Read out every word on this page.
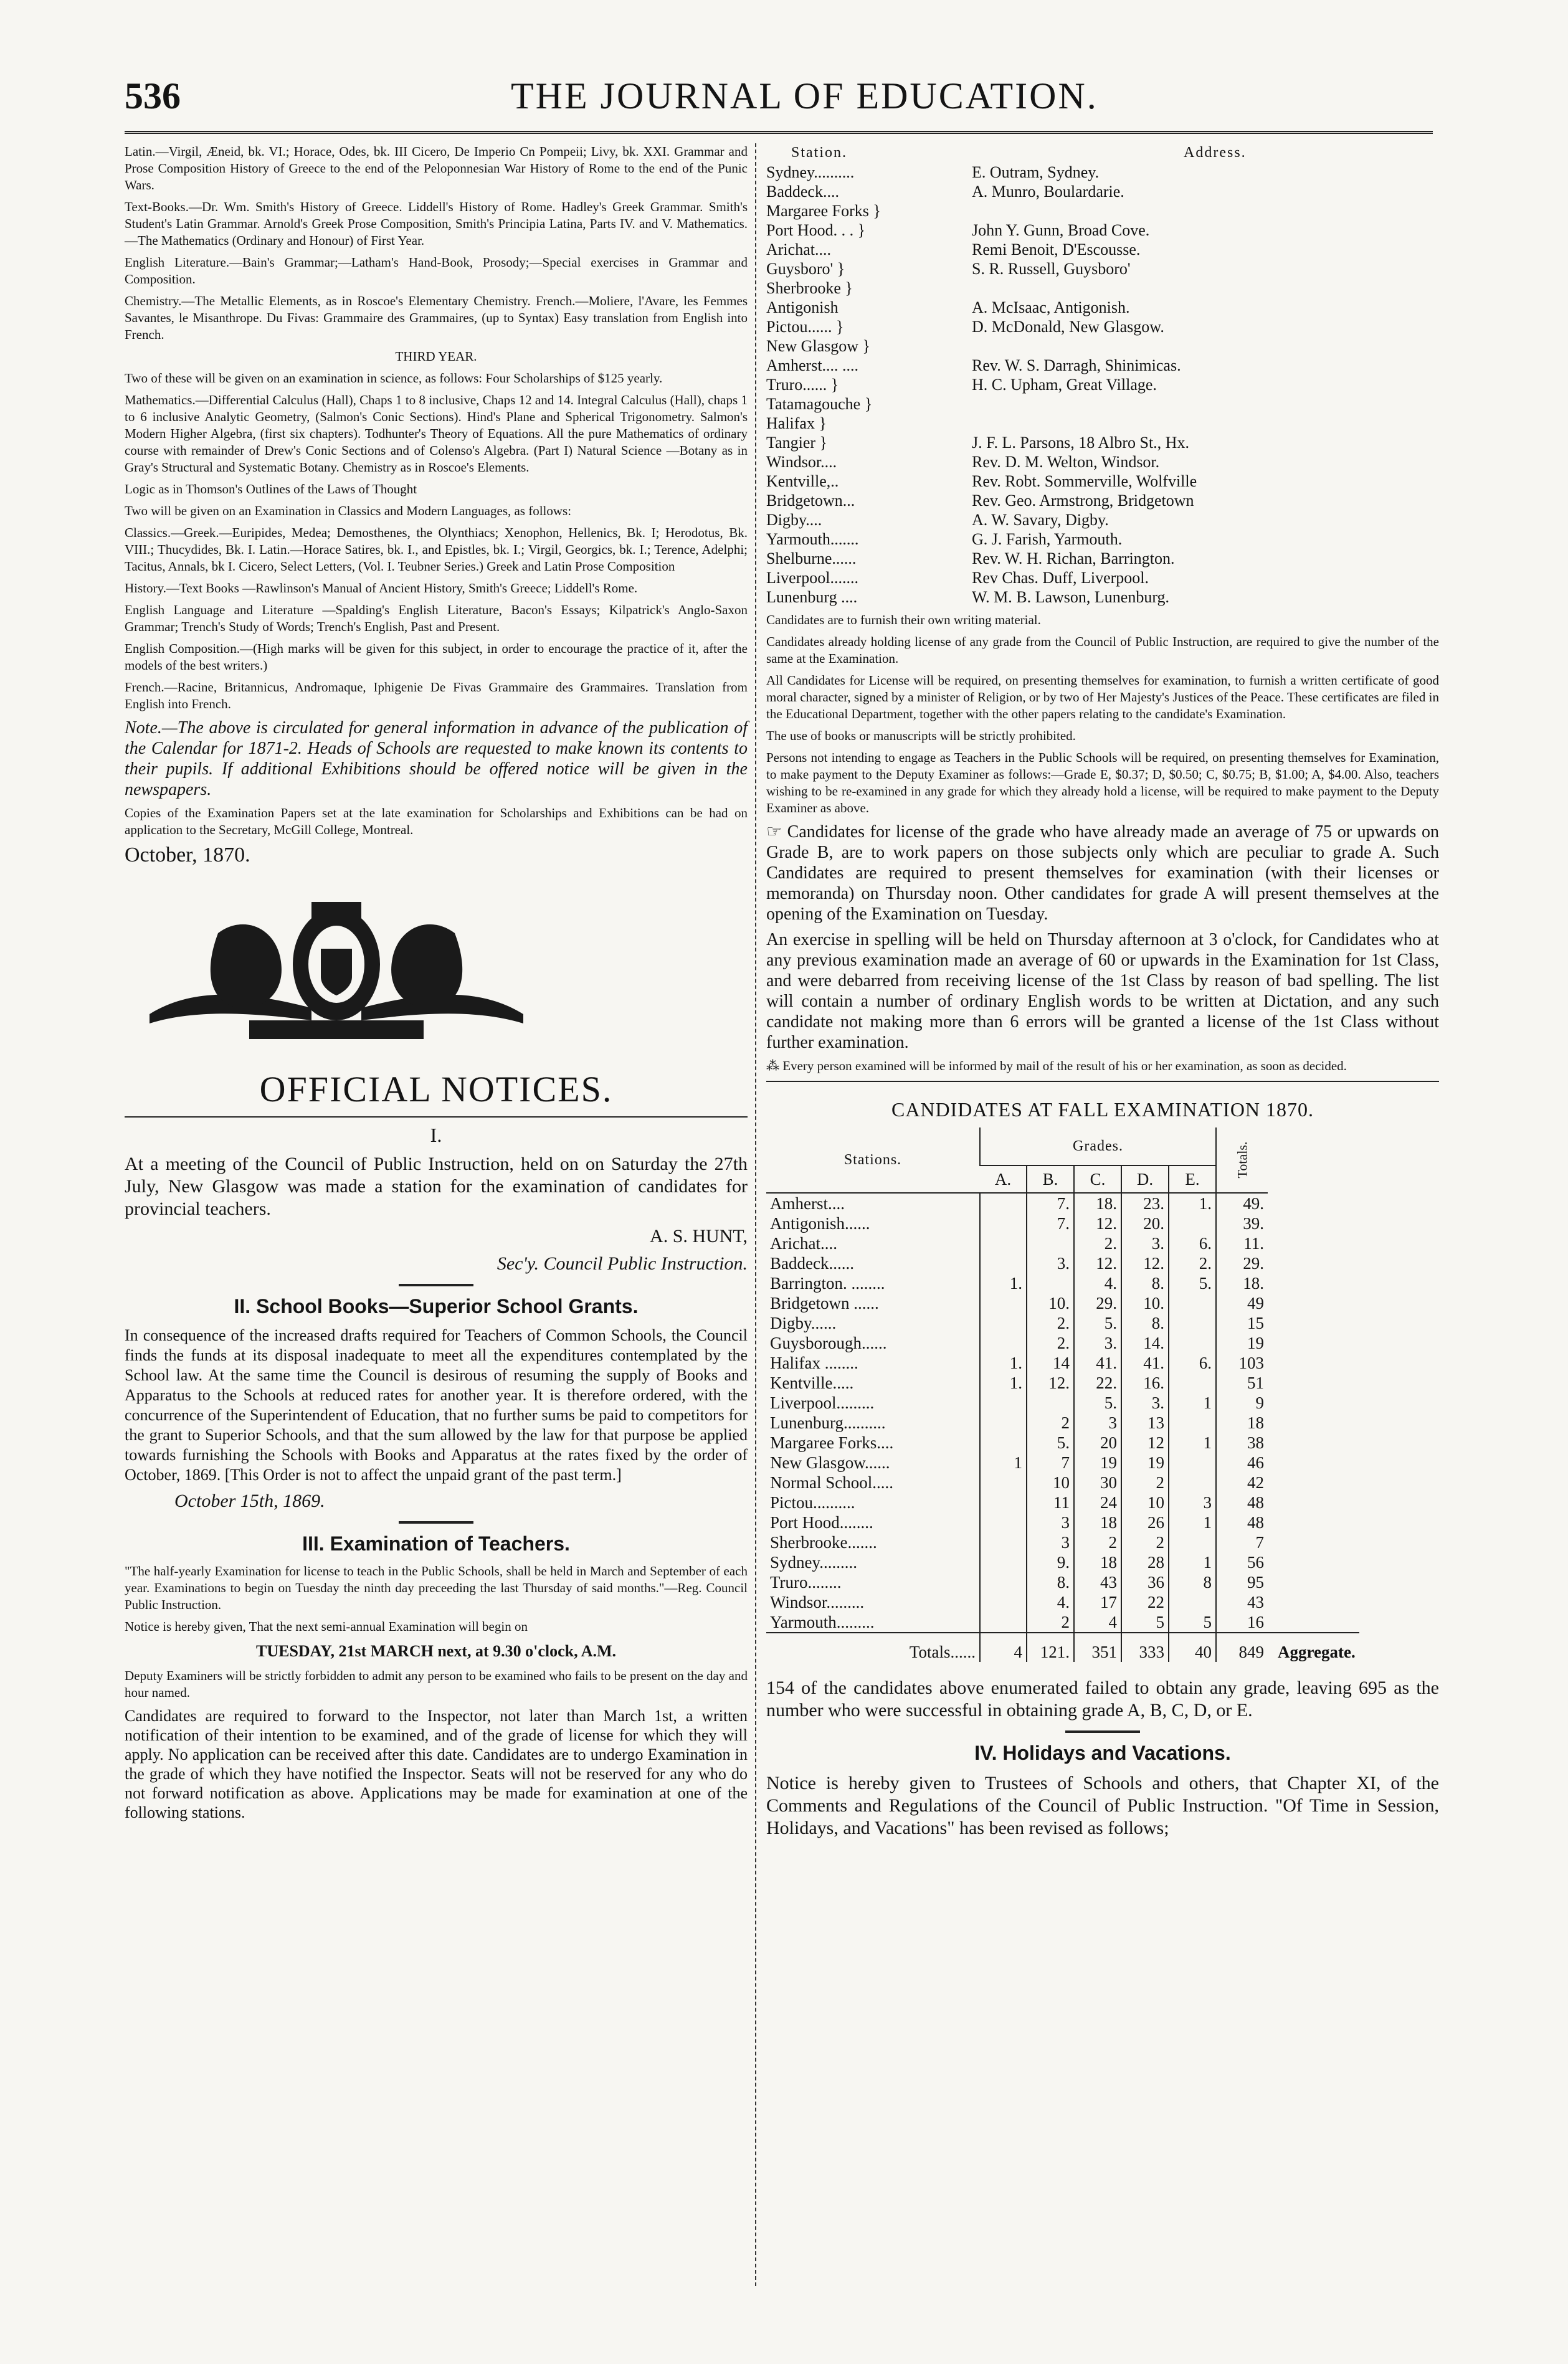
536	THE JOURNAL OF EDUCATION.

Latin.—Virgil, Æneid, bk. VI.; Horace, Odes, bk. III Cicero, De Imperio Cn Pompeii; Livy, bk. XXI. Grammar and Prose Composition History of Greece to the end of the Peloponnesian War History of Rome to the end of the Punic Wars.

Text-Books.—Dr. Wm. Smith's History of Greece. Liddell's History of Rome. Hadley's Greek Grammar. Smith's Student's Latin Grammar. Arnold's Greek Prose Composition, Smith's Principia Latina, Parts IV. and V. Mathematics.—The Mathematics (Ordinary and Honour) of First Year.

English Literature.—Bain's Grammar;—Latham's Hand-Book, Prosody;—Special exercises in Grammar and Composition.

Chemistry.—The Metallic Elements, as in Roscoe's Elementary Chemistry. French.—Moliere, l'Avare, les Femmes Savantes, le Misanthrope. Du Fivas: Grammaire des Grammaires, (up to Syntax) Easy translation from English into French.

THIRD YEAR.

Two of these will be given on an examination in science, as follows: Four Scholarships of $125 yearly.

Mathematics.—Differential Calculus (Hall), Chaps 1 to 8 inclusive, Chaps 12 and 14. Integral Calculus (Hall), chaps 1 to 6 inclusive Analytic Geometry, (Salmon's Conic Sections). Hind's Plane and Spherical Trigonometry. Salmon's Modern Higher Algebra, (first six chapters). Todhunter's Theory of Equations. All the pure Mathematics of ordinary course with remainder of Drew's Conic Sections and of Colenso's Algebra. (Part I) Natural Science —Botany as in Gray's Structural and Systematic Botany. Chemistry as in Roscoe's Elements.

Logic as in Thomson's Outlines of the Laws of Thought

Two will be given on an Examination in Classics and Modern Languages, as follows:

Classics.—Greek.—Euripides, Medea; Demosthenes, the Olynthiacs; Xenophon, Hellenics, Bk. I; Herodotus, Bk. VIII.; Thucydides, Bk. I. Latin.—Horace Satires, bk. I., and Epistles, bk. I.; Virgil, Georgics, bk. I.; Terence, Adelphi; Tacitus, Annals, bk I. Cicero, Select Letters, (Vol. I. Teubner Series.) Greek and Latin Prose Composition

History.—Text Books —Rawlinson's Manual of Ancient History, Smith's Greece; Liddell's Rome.

English Language and Literature —Spalding's English Literature, Bacon's Essays; Kilpatrick's Anglo-Saxon Grammar; Trench's Study of Words; Trench's English, Past and Present.

English Composition.—(High marks will be given for this subject, in order to encourage the practice of it, after the models of the best writers.)

French.—Racine, Britannicus, Andromaque, Iphigenie De Fivas Grammaire des Grammaires. Translation from English into French.

Note.—The above is circulated for general information in advance of the publication of the Calendar for 1871-2. Heads of Schools are requested to make known its contents to their pupils. If additional Exhibitions should be offered notice will be given in the newspapers.

Copies of the Examination Papers set at the late examination for Scholarships and Exhibitions can be had on application to the Secretary, McGill College, Montreal.

October, 1870.

OFFICIAL NOTICES.
I.

At a meeting of the Council of Public Instruction, held on on Saturday the 27th July, New Glasgow was made a station for the examination of candidates for provincial teachers.

A. S. HUNT,

Sec'y. Council Public Instruction.

II. School Books—Superior School Grants.

In consequence of the increased drafts required for Teachers of Common Schools, the Council finds the funds at its disposal inadequate to meet all the expenditures contemplated by the School law. At the same time the Council is desirous of resuming the supply of Books and Apparatus to the Schools at reduced rates for another year. It is therefore ordered, with the concurrence of the Superintendent of Education, that no further sums be paid to competitors for the grant to Superior Schools, and that the sum allowed by the law for that purpose be applied towards furnishing the Schools with Books and Apparatus at the rates fixed by the order of October, 1869. [This Order is not to affect the unpaid grant of the past term.]

October 15th, 1869.

III. Examination of Teachers.

"The half-yearly Examination for license to teach in the Public Schools, shall be held in March and September of each year. Examinations to begin on Tuesday the ninth day preceeding the last Thursday of said months."—Reg. Council Public Instruction.

Notice is hereby given, That the next semi-annual Examination will begin on

TUESDAY, 21st MARCH next, at 9.30 o'clock, A.M.

Deputy Examiners will be strictly forbidden to admit any person to be examined who fails to be present on the day and hour named.

Candidates are required to forward to the Inspector, not later than March 1st, a written notification of their intention to be examined, and of the grade of license for which they will apply. No application can be received after this date. Candidates are to undergo Examination in the grade of which they have notified the Inspector. Seats will not be reserved for any who do not forward notification as above. Applications may be made for examination at one of the following stations.

Station.	Address.
Sydney..........	E. Outram, Sydney.
Baddeck....	A. Munro, Boulardarie.
Margaree Forks }
Port Hood. . . }	John Y. Gunn, Broad Cove.
Arichat....	Remi Benoit, D'Escousse.
Guysboro' }	S. R. Russell, Guysboro'
Sherbrooke }
Antigonish	A. McIsaac, Antigonish.
Pictou...... }	D. McDonald, New Glasgow.
New Glasgow }
Amherst.... ....	Rev. W. S. Darragh, Shinimicas.
Truro...... }	H. C. Upham, Great Village.
Tatamagouche }
Halifax }
Tangier }	J. F. L. Parsons, 18 Albro St., Hx.
Windsor....	Rev. D. M. Welton, Windsor.
Kentville,..	Rev. Robt. Sommerville, Wolfville
Bridgetown...	Rev. Geo. Armstrong, Bridgetown
Digby....	A. W. Savary, Digby.
Yarmouth.......	G. J. Farish, Yarmouth.
Shelburne......	Rev. W. H. Richan, Barrington.
Liverpool.......	Rev Chas. Duff, Liverpool.
Lunenburg ....	W. M. B. Lawson, Lunenburg.

Candidates are to furnish their own writing material.

Candidates already holding license of any grade from the Council of Public Instruction, are required to give the number of the same at the Examination.

All Candidates for License will be required, on presenting themselves for examination, to furnish a written certificate of good moral character, signed by a minister of Religion, or by two of Her Majesty's Justices of the Peace. These certificates are filed in the Educational Department, together with the other papers relating to the candidate's Examination.

The use of books or manuscripts will be strictly prohibited.

Persons not intending to engage as Teachers in the Public Schools will be required, on presenting themselves for Examination, to make payment to the Deputy Examiner as follows:—Grade E, $0.37; D, $0.50; C, $0.75; B, $1.00; A, $4.00. Also, teachers wishing to be re-examined in any grade for which they already hold a license, will be required to make payment to the Deputy Examiner as above.

☞ Candidates for license of the grade who have already made an average of 75 or upwards on Grade B, are to work papers on those subjects only which are peculiar to grade A. Such Candidates are required to present themselves for examination (with their licenses or memoranda) on Thursday noon. Other candidates for grade A will present themselves at the opening of the Examination on Tuesday.

An exercise in spelling will be held on Thursday afternoon at 3 o'clock, for Candidates who at any previous examination made an average of 60 or upwards in the Examination for 1st Class, and were debarred from receiving license of the 1st Class by reason of bad spelling. The list will contain a number of ordinary English words to be written at Dictation, and any such candidate not making more than 6 errors will be granted a license of the 1st Class without further examination.

⁂ Every person examined will be informed by mail of the result of his or her examination, as soon as decided.

CANDIDATES AT FALL EXAMINATION 1870.
Stations.	Grades.					Totals.	
	A.	B.	C.	D.	E.		
Amherst....		7.	18.	23.	1.	49.	
Antigonish......		7.	12.	20.		39.	
Arichat....			2.	3.	6.	11.	
Baddeck......		3.	12.	12.	2.	29.	
Barrington. ........	1.		4.	8.	5.	18.	
Bridgetown ......		10.	29.	10.		49	
Digby......		2.	5.	8.		15	
Guysborough......		2.	3.	14.		19	
Halifax ........	1.	14	41.	41.	6.	103	
Kentville.....	1.	12.	22.	16.		51	
Liverpool.........			5.	3.	1	9	
Lunenburg..........		2	3	13		18	
Margaree Forks....		5.	20	12	1	38	
New Glasgow......	1	7	19	19		46	
Normal School.....		10	30	2		42	
Pictou..........		11	24	10	3	48	
Port Hood........		3	18	26	1	48	
Sherbrooke.......		3	2	2		7	
Sydney.........		9.	18	28	1	56	
Truro........		8.	43	36	8	95	
Windsor.........		4.	17	22		43	
Yarmouth.........		2	4	5	5	16	
Totals......	4	121.	351	333	40	849	Aggregate.

154 of the candidates above enumerated failed to obtain any grade, leaving 695 as the number who were successful in obtaining grade A, B, C, D, or E.

IV. Holidays and Vacations.

Notice is hereby given to Trustees of Schools and others, that Chapter XI, of the Comments and Regulations of the Council of Public Instruction. "Of Time in Session, Holidays, and Vacations" has been revised as follows;
